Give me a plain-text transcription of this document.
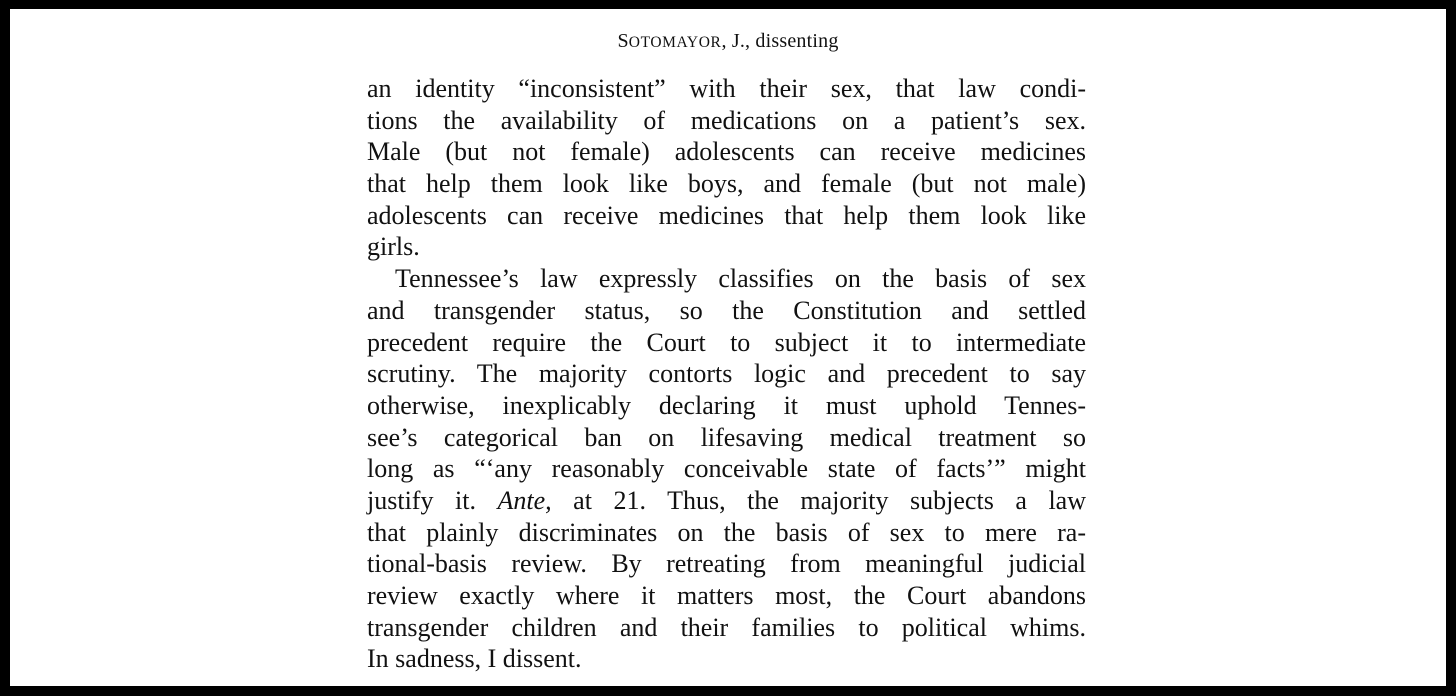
SOTOMAYOR, J., dissenting
an identity “inconsistent” with their sex, that law condi-
tions the availability of medications on a patient’s sex.
Male (but not female) adolescents can receive medicines
that help them look like boys, and female (but not male)
adolescents can receive medicines that help them look like
girls.
Tennessee’s law expressly classifies on the basis of sex
and transgender status, so the Constitution and settled
precedent require the Court to subject it to intermediate
scrutiny. The majority contorts logic and precedent to say
otherwise, inexplicably declaring it must uphold Tennes-
see’s categorical ban on lifesaving medical treatment so
long as “‘any reasonably conceivable state of facts’” might
justify it. Ante, at 21. Thus, the majority subjects a law
that plainly discriminates on the basis of sex to mere ra-
tional-basis review. By retreating from meaningful judicial
review exactly where it matters most, the Court abandons
transgender children and their families to political whims.
In sadness, I dissent.
